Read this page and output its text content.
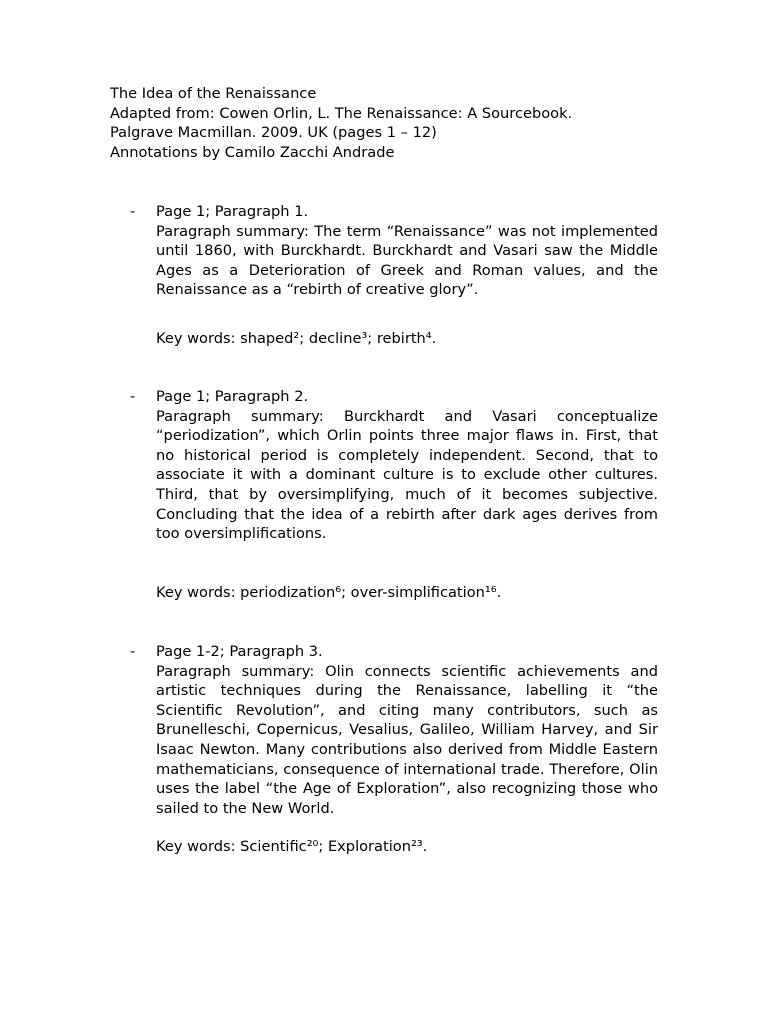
The Idea of the Renaissance
Adapted from: Cowen Orlin, L. The Renaissance: A Sourcebook.
Palgrave Macmillan. 2009. UK (pages 1 – 12)
Annotations by Camilo Zacchi Andrade
-	Page 1; Paragraph 1.
Paragraph summary: The term “Renaissance” was not implemented until 1860, with Burckhardt. Burckhardt and Vasari saw the Middle Ages as a Deterioration of Greek and Roman values, and the Renaissance as a “rebirth of creative glory”.
Key words: shaped²; decline³; rebirth⁴.
-	Page 1; Paragraph 2.
Paragraph summary: Burckhardt and Vasari conceptualize “periodization”, which Orlin points three major flaws in. First, that no historical period is completely independent. Second, that to associate it with a dominant culture is to exclude other cultures. Third, that by oversimplifying, much of it becomes subjective. Concluding that the idea of a rebirth after dark ages derives from too oversimplifications.
Key words: periodization⁶; over-simplification¹⁶.
-	Page 1-2; Paragraph 3.
Paragraph summary: Olin connects scientific achievements and artistic techniques during the Renaissance, labelling it “the Scientific Revolution”, and citing many contributors, such as Brunelleschi, Copernicus, Vesalius, Galileo, William Harvey, and Sir Isaac Newton. Many contributions also derived from Middle Eastern mathematicians, consequence of international trade. Therefore, Olin uses the label “the Age of Exploration”, also recognizing those who sailed to the New World.
Key words: Scientific²⁰; Exploration²³.
